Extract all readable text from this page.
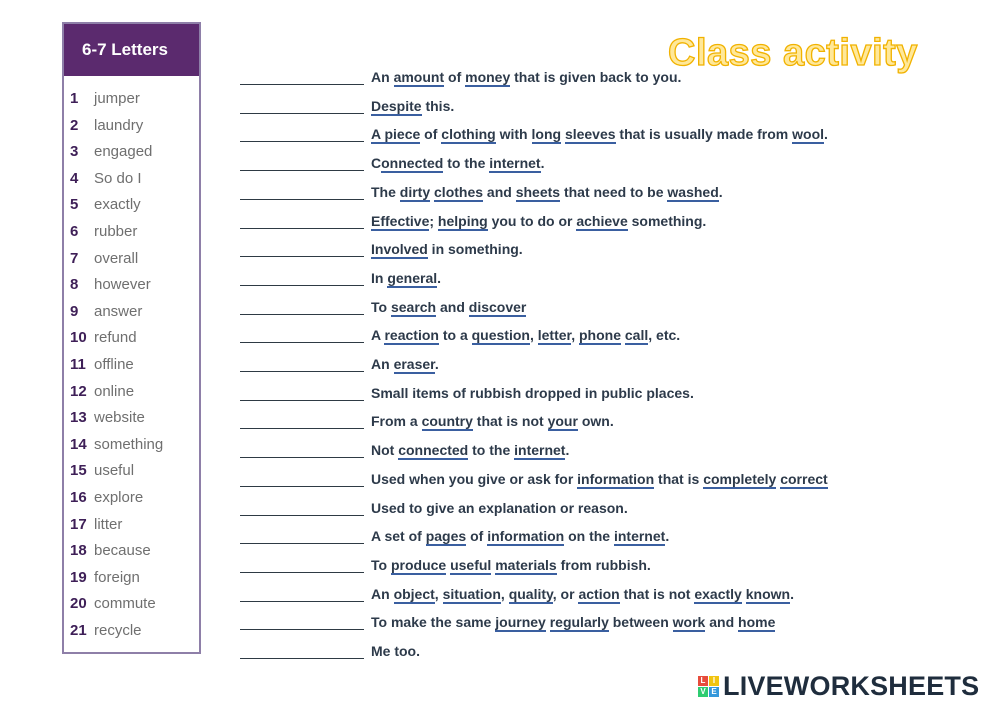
6-7 Letters
1 jumper
2 laundry
3 engaged
4 So do I
5 exactly
6 rubber
7 overall
8 however
9 answer
10 refund
11 offline
12 online
13 website
14 something
15 useful
16 explore
17 litter
18 because
19 foreign
20 commute
21 recycle
Class activity
An amount of money that is given back to you.
Despite this.
A piece of clothing with long sleeves that is usually made from wool.
Connected to the internet.
The dirty clothes and sheets that need to be washed.
Effective; helping you to do or achieve something.
Involved in something.
In general.
To search and discover
A reaction to a question, letter, phone call, etc.
An eraser.
Small items of rubbish dropped in public places.
From a country that is not your own.
Not connected to the internet.
Used when you give or ask for information that is completely correct
Used to give an explanation or reason.
A set of pages of information on the internet.
To produce useful materials from rubbish.
An object, situation, quality, or action that is not exactly known.
To make the same journey regularly between work and home
Me too.
L I
V E LIVEWORKSHEETS
